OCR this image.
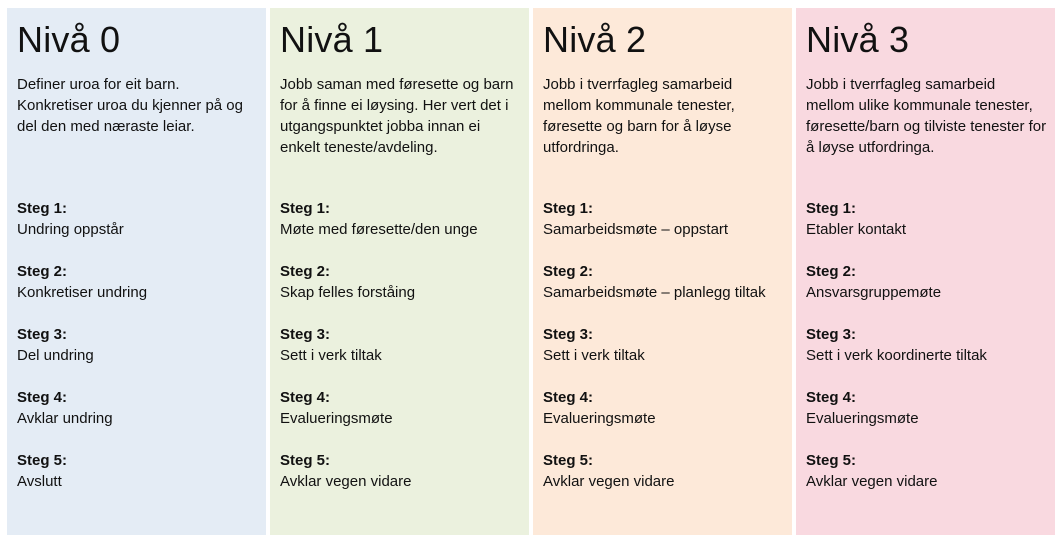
Nivå 0

Definer uroa for eit barn. Konkretiser uroa du kjenner på og del den med næraste leiar.

Steg 1:
Undring oppstår
Steg 2:
Konkretiser undring
Steg 3:
Del undring
Steg 4:
Avklar undring
Steg 5:
Avslutt
Nivå 1

Jobb saman med føresette og barn for å finne ei løysing. Her vert det i utgangspunktet jobba innan ei enkelt teneste/avdeling.

Steg 1:
Møte med føresette/den unge
Steg 2:
Skap felles forståing
Steg 3:
Sett i verk tiltak
Steg 4:
Evalueringsmøte
Steg 5:
Avklar vegen vidare
Nivå 2

Jobb i tverrfagleg samarbeid mellom kommunale tenester, føresette og barn for å løyse utfordringa.

Steg 1:
Samarbeidsmøte – oppstart
Steg 2:
Samarbeidsmøte – planlegg tiltak
Steg 3:
Sett i verk tiltak
Steg 4:
Evalueringsmøte
Steg 5:
Avklar vegen vidare
Nivå 3

Jobb i tverrfagleg samarbeid mellom ulike kommunale tenester, føresette/barn og tilviste tenester for å løyse utfordringa.

Steg 1:
Etabler kontakt
Steg 2:
Ansvarsgruppemøte
Steg 3:
Sett i verk koordinerte tiltak
Steg 4:
Evalueringsmøte
Steg 5:
Avklar vegen vidare
